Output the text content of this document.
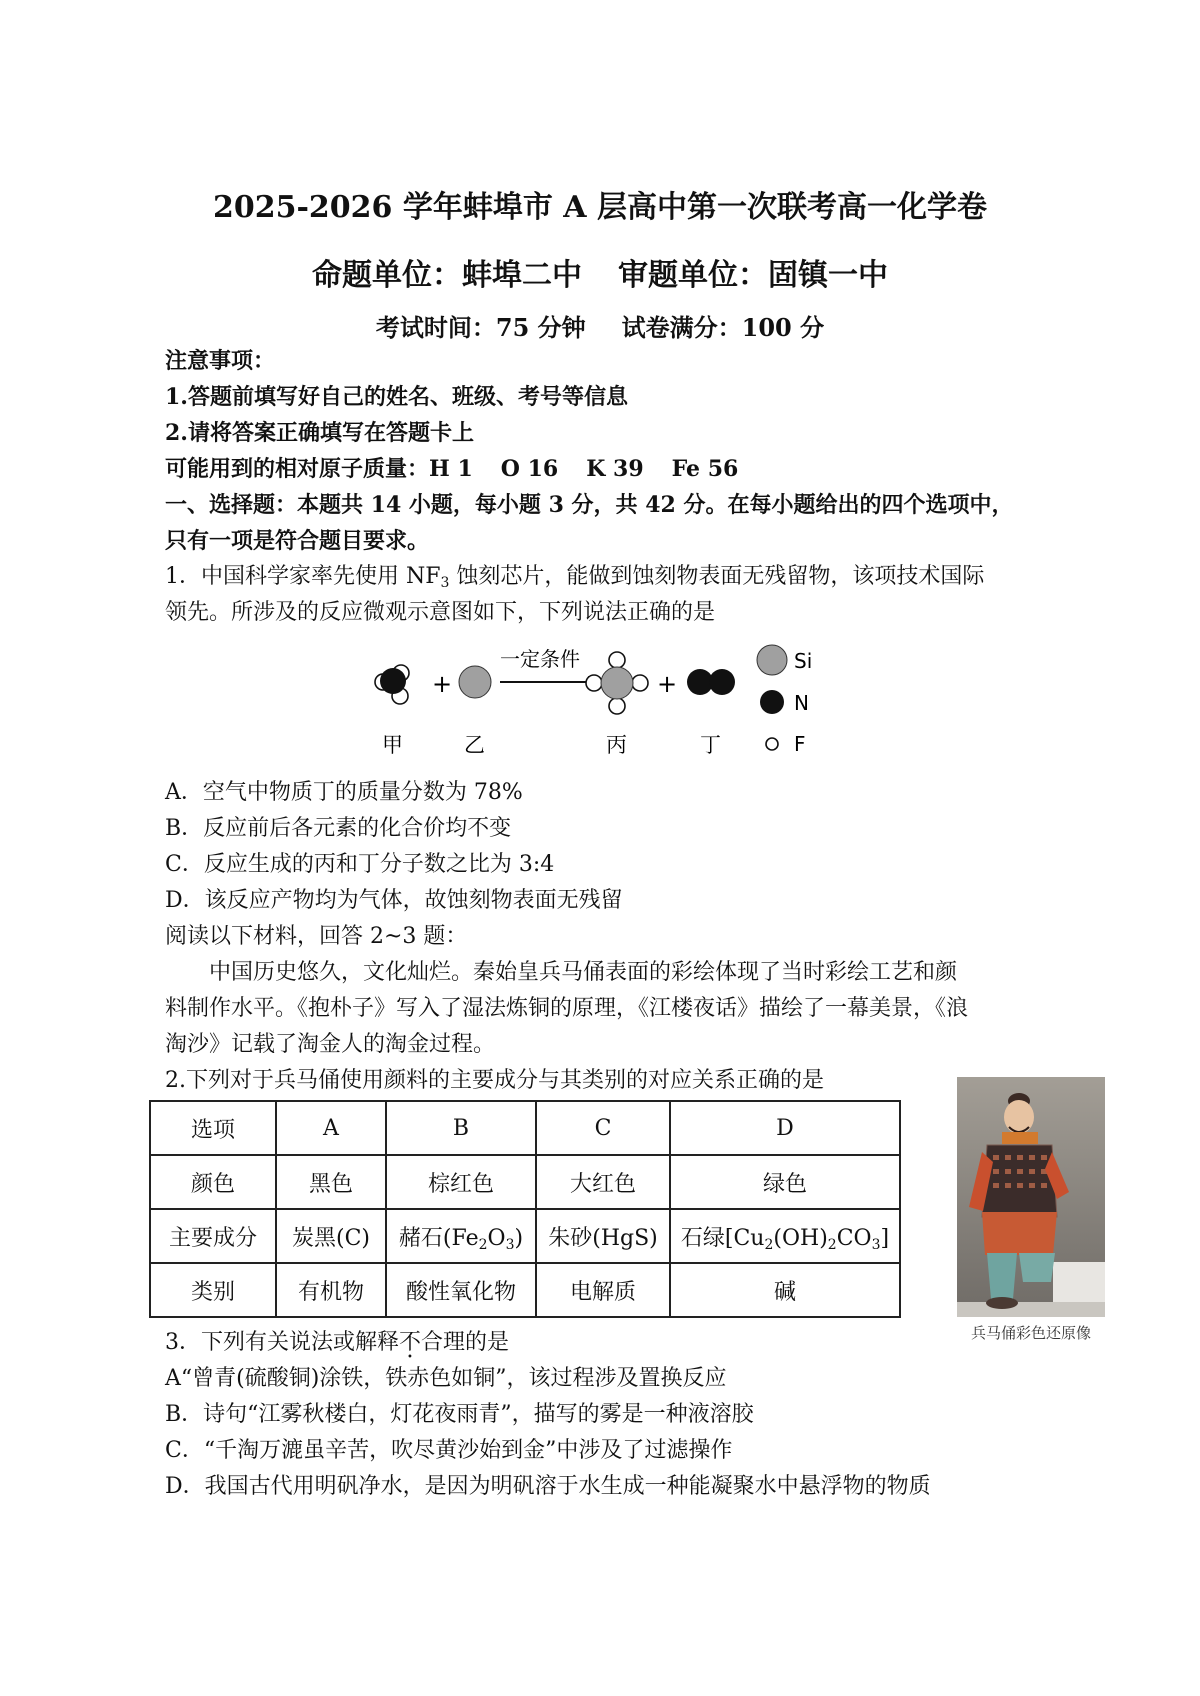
2025-2026 学年蚌埠市 A 层高中第一次联考高一化学卷
命题单位：蚌埠二中 审题单位：固镇一中
考试时间：75 分钟 试卷满分：100 分
注意事项：
1.答题前填写好自己的姓名、班级、考号等信息
2.请将答案正确填写在答题卡上
可能用到的相对原子质量：H 1 O 16 K 39 Fe 56
一、选择题：本题共 14 小题，每小题 3 分，共 42 分。在每小题给出的四个选项中，
只有一项是符合题目要求。
1．中国科学家率先使用 $NF_3$ 蚀刻芯片，能做到蚀刻物表面无残留物，该项技术国际
领先。所涉及的反应微观示意图如下，下列说法正确的是
+
一定条件
+
Si
N
F
甲	乙	丙	丁
A．空气中物质丁的质量分数为 78%
B．反应前后各元素的化合价均不变
C．反应生成的丙和丁分子数之比为 3:4
D．该反应产物均为气体，故蚀刻物表面无残留
阅读以下材料，回答 2~3 题：
中国历史悠久，文化灿烂。秦始皇兵马俑表面的彩绘体现了当时彩绘工艺和颜
料制作水平。《抱朴子》写入了湿法炼铜的原理，《江楼夜话》描绘了一幕美景，《浪
淘沙》记载了淘金人的淘金过程。
2.下列对于兵马俑使用颜料的主要成分与其类别的对应关系正确的是
选项	A	B	C	D
颜色	黑色	棕红色	大红色	绿色
主要成分	炭黑(C)	赭石$(Fe_2O_3)$	朱砂(HgS)	石绿$[Cu_2(OH)_2CO_3]$
类别	有机物	酸性氧化物	电解质	碱
兵马俑彩色还原像
3．下列有关说法或解释不合理的是
A“曾青(硫酸铜)涂铁，铁赤色如铜”，该过程涉及置换反应
B．诗句“江雾秋楼白，灯花夜雨青”，描写的雾是一种液溶胶
C．“千淘万漉虽辛苦，吹尽黄沙始到金”中涉及了过滤操作
D．我国古代用明矾净水，是因为明矾溶于水生成一种能凝聚水中悬浮物的物质
